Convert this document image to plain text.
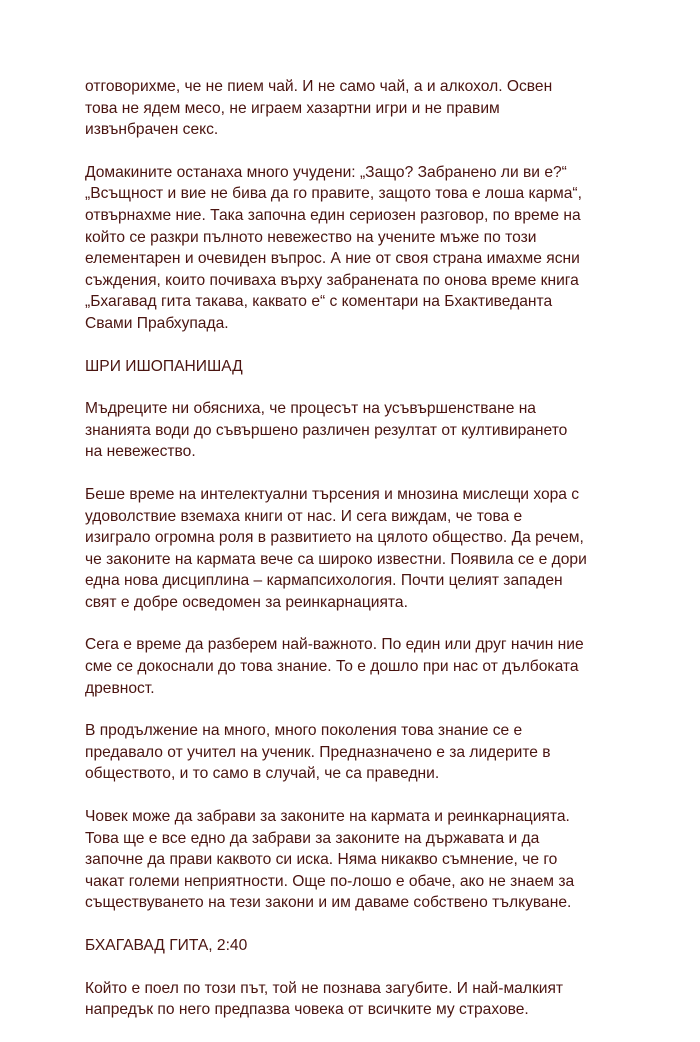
отговорихме, че не пием чай. И не само чай, а и алкохол. Освен
това не ядем месо, не играем хазартни игри и не правим
извънбрачен секс.

Домакините останаха много учудени: „Защо? Забранено ли ви е?“
„Всъщност и вие не бива да го правите, защото това е лоша карма“,
отвърнахме ние. Така започна един сериозен разговор, по време на
който се разкри пълното невежество на учените мъже по този
елементарен и очевиден въпрос. А ние от своя страна имахме ясни
съждения, които почиваха върху забранената по онова време книга
„Бхагавад гита такава, каквато е“ с коментари на Бхактиведанта
Свами Прабхупада.

ШРИ ИШОПАНИШАД

Мъдреците ни обясниха, че процесът на усъвършенстване на
знанията води до съвършено различен резултат от култивирането
на невежество.

Беше време на интелектуални търсения и мнозина мислещи хора с
удоволствие вземаха книги от нас. И сега виждам, че това е
изиграло огромна роля в развитието на цялото общество. Да речем,
че законите на кармата вече са широко известни. Появила се е дори
една нова дисциплина – кармапсихология. Почти целият западен
свят е добре осведомен за реинкарнацията.

Сега е време да разберем най-важното. По един или друг начин ние
сме се докоснали до това знание. То е дошло при нас от дълбоката
древност.

В продължение на много, много поколения това знание се е
предавало от учител на ученик. Предназначено е за лидерите в
обществото, и то само в случай, че са праведни.

Човек може да забрави за законите на кармата и реинкарнацията.
Това ще е все едно да забрави за законите на държавата и да
започне да прави каквото си иска. Няма никакво съмнение, че го
чакат големи неприятности. Още по-лошо е обаче, ако не знаем за
съществуването на тези закони и им даваме собствено тълкуване.

БХАГАВАД ГИТА, 2:40

Който е поел по този път, той не познава загубите. И най-малкият
напредък по него предпазва човека от всичките му страхове.
